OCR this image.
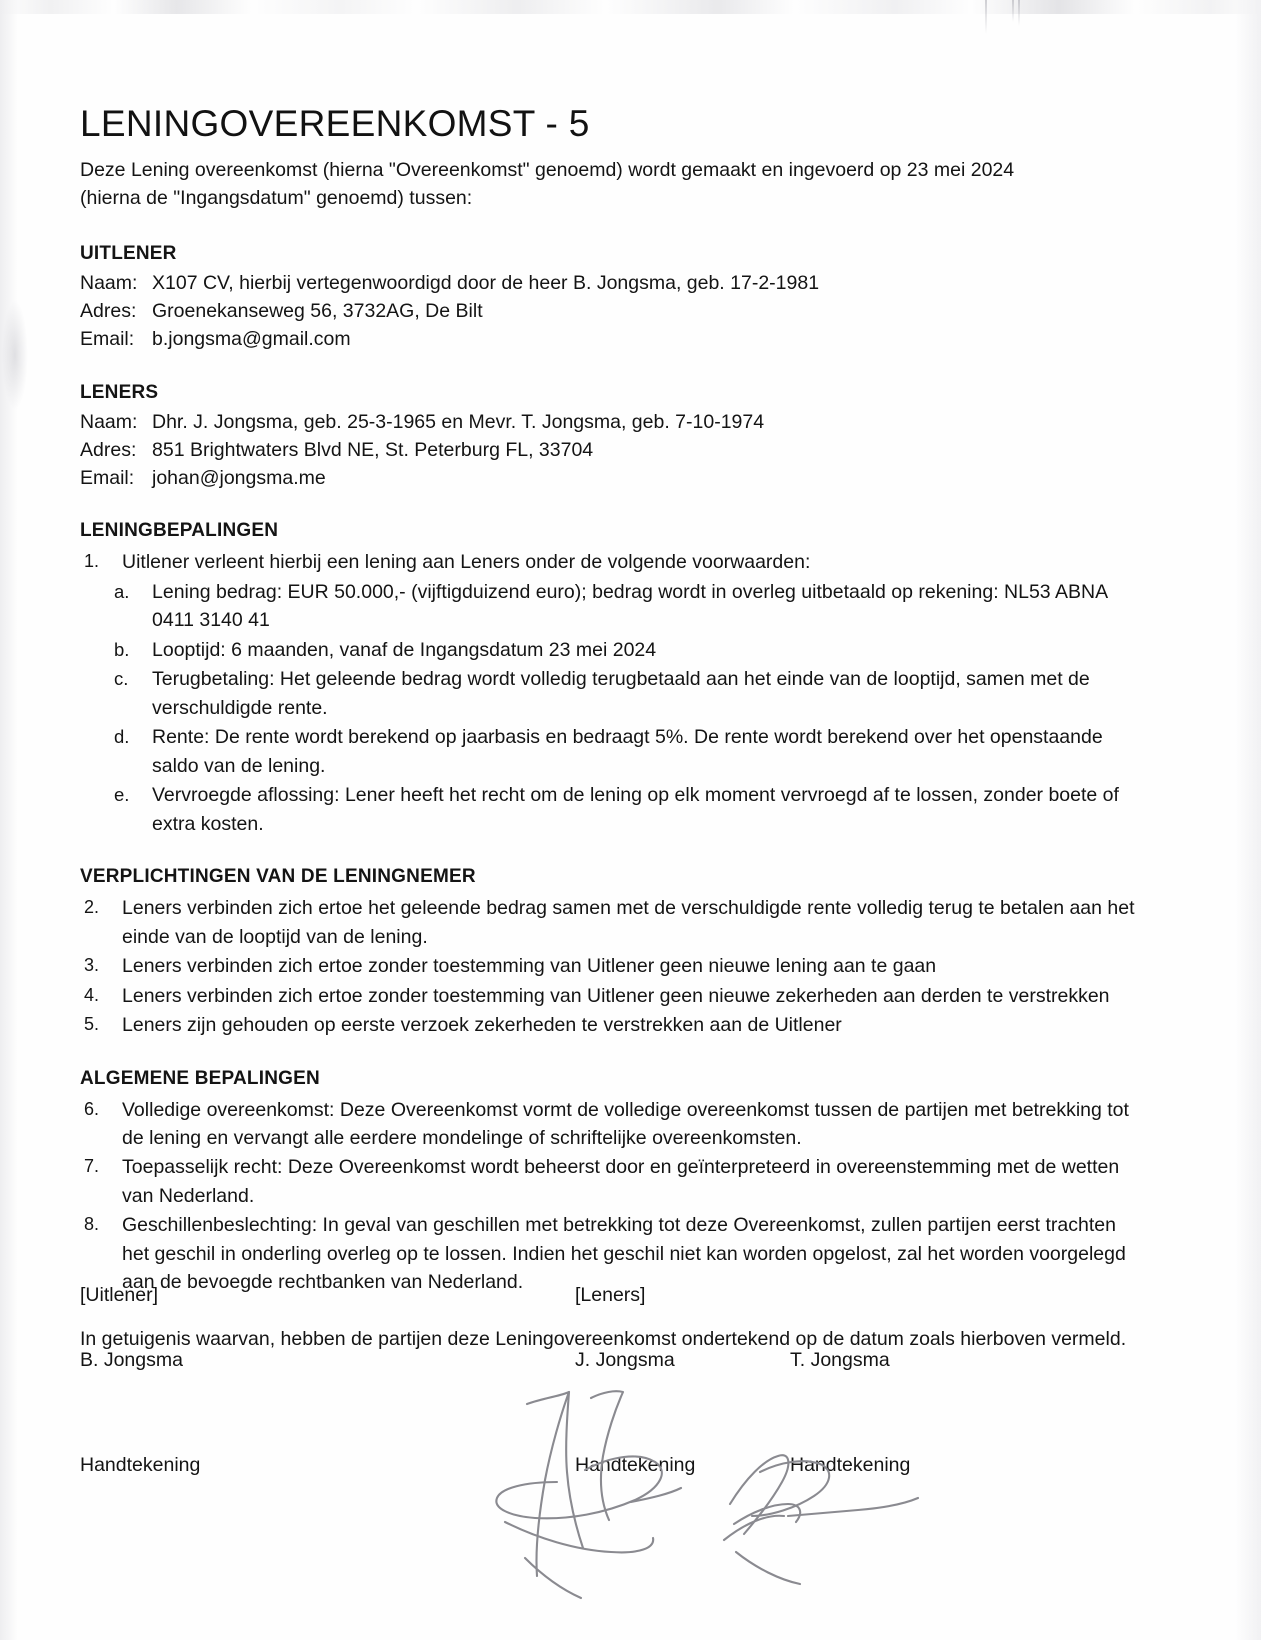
LENINGOVEREENKOMST - 5

Deze Lening overeenkomst (hierna "Overeenkomst" genoemd) wordt gemaakt en ingevoerd op 23 mei 2024 (hierna de "Ingangsdatum" genoemd) tussen:

UITLENER
Naam: X107 CV, hierbij vertegenwoordigd door de heer B. Jongsma, geb. 17-2-1981
Adres: Groenekanseweg 56, 3732AG, De Bilt
Email: b.jongsma@gmail.com
LENERS
Naam: Dhr. J. Jongsma, geb. 25-3-1965 en Mevr. T. Jongsma, geb. 7-10-1974
Adres: 851 Brightwaters Blvd NE, St. Peterburg FL, 33704
Email: johan@jongsma.me
LENINGBEPALINGEN
1.	Uitlener verleent hierbij een lening aan Leners onder de volgende voorwaarden:
a.	Lening bedrag: EUR 50.000,- (vijftigduizend euro); bedrag wordt in overleg uitbetaald op rekening: NL53 ABNA 0411 3140 41
b.	Looptijd: 6 maanden, vanaf de Ingangsdatum 23 mei 2024
c.	Terugbetaling: Het geleende bedrag wordt volledig terugbetaald aan het einde van de looptijd, samen met de verschuldigde rente.
d.	Rente: De rente wordt berekend op jaarbasis en bedraagt 5%. De rente wordt berekend over het openstaande saldo van de lening.
e.	Vervroegde aflossing: Lener heeft het recht om de lening op elk moment vervroegd af te lossen, zonder boete of extra kosten.
VERPLICHTINGEN VAN DE LENINGNEMER
2.	Leners verbinden zich ertoe het geleende bedrag samen met de verschuldigde rente volledig terug te betalen aan het einde van de looptijd van de lening.
3.	Leners verbinden zich ertoe zonder toestemming van Uitlener geen nieuwe lening aan te gaan
4.	Leners verbinden zich ertoe zonder toestemming van Uitlener geen nieuwe zekerheden aan derden te verstrekken
5.	Leners zijn gehouden op eerste verzoek zekerheden te verstrekken aan de Uitlener
ALGEMENE BEPALINGEN
6.	Volledige overeenkomst: Deze Overeenkomst vormt de volledige overeenkomst tussen de partijen met betrekking tot de lening en vervangt alle eerdere mondelinge of schriftelijke overeenkomsten.
7.	Toepasselijk recht: Deze Overeenkomst wordt beheerst door en geïnterpreteerd in overeenstemming met de wetten van Nederland.
8.	Geschillenbeslechting: In geval van geschillen met betrekking tot deze Overeenkomst, zullen partijen eerst trachten het geschil in onderling overleg op te lossen. Indien het geschil niet kan worden opgelost, zal het worden voorgelegd aan de bevoegde rechtbanken van Nederland.

In getuigenis waarvan, hebben de partijen deze Leningovereenkomst ondertekend op de datum zoals hierboven vermeld.

[Uitlener]
B. Jongsma
Handtekening
[Leners]
J. Jongsma
Handtekening

T. Jongsma
Handtekening
